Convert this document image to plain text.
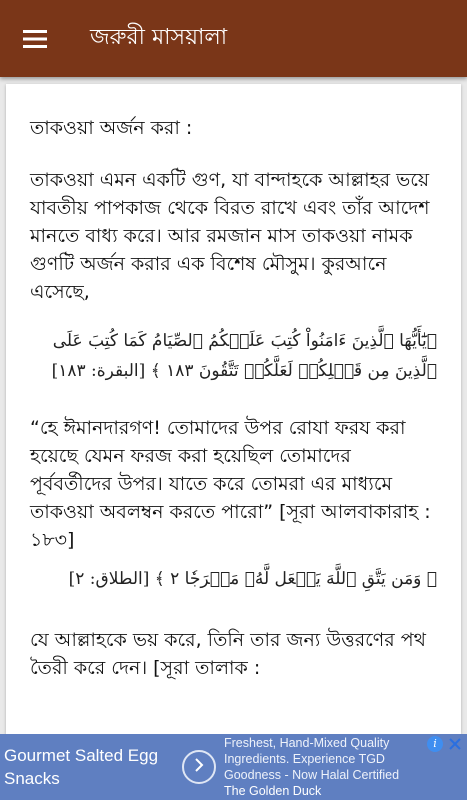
জরুরী মাসয়ালা

তাকওয়া অর্জন করা :

তাকওয়া এমন একটি গুণ, যা বান্দাহকে আল্লাহর ভয়ে যাবতীয় পাপকাজ থেকে বিরত রাখে এবং তাঁর আদেশ মানতে বাধ্য করে। আর রমজান মাস তাকওয়া নামক গুণটি অর্জন করার এক বিশেষ মৌসুম। কুরআনে এসেছে,

﴿يَٰٓأَيُّهَا ٱلَّذِينَ ءَامَنُواْ كُتِبَ عَلَيۡكُمُ ٱلصِّيَامُ كَمَا كُتِبَ عَلَى ٱلَّذِينَ مِن قَبۡلِكُمۡ لَعَلَّكُمۡ تَتَّقُونَ ١٨٣ ﴾ [البقرة: ١٨٣]

“হে ঈমানদারগণ! তোমাদের উপর রোযা ফরয করা হয়েছে যেমন ফরজ করা হয়েছিল তোমাদের পূর্ববর্তীদের উপর। যাতে করে তোমরা এর মাধ্যমে তাকওয়া অবলম্বন করতে পারো” [সূরা আলবাকারাহ : ১৮৩]

﴿ وَمَن يَتَّقِ ٱللَّهَ يَجۡعَل لَّهُۥ مَخۡرَجٗا ٢ ﴾ [الطلاق: ٢]

যে আল্লাহকে ভয় করে, তিনি তার জন্য উত্তরণের পথ তৈরী করে দেন। [সূরা তালাক :

Gourmet Salted Egg Snacks
Freshest, Hand-Mixed Quality Ingredients. Experience TGD Goodness - Now Halal Certified
The Golden Duck
i
